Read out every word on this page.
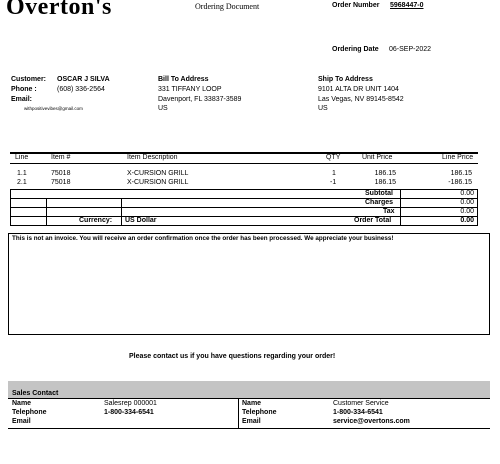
Overton's	Ordering Document	Order Number 5968447-0
Ordering Date 06-SEP-2022
Customer: OSCAR J SILVA
Phone :	(608) 336-2564
Email:
withpositivevibes@gmail.com
Bill To Address
331 TIFFANY LOOP
Davenport, FL 33837-3589
US
Ship To Address
9101 ALTA DR UNIT 1404
Las Vegas, NV 89145-8542
US
Line	Item #	Item Description	QTY	Unit Price	Line Price
1.1	75018	X-CURSION GRILL	1	186.15	186.15
2.1	75018	X-CURSION GRILL	-1	186.15	-186.15
Subtotal	0.00
Charges	0.00
Tax	0.00
Currency: US Dollar	Order Total	0.00
This is not an invoice. You will receive an order confirmation once the order has been processed. We appreciate your business!
Please contact us if you have questions regarding your order!
Sales Contact
Name	Salesrep 000001
Telephone	1-800-334-6541
Email
Name	Customer Service
Telephone	1-800-334-6541
Email	service@overtons.com
